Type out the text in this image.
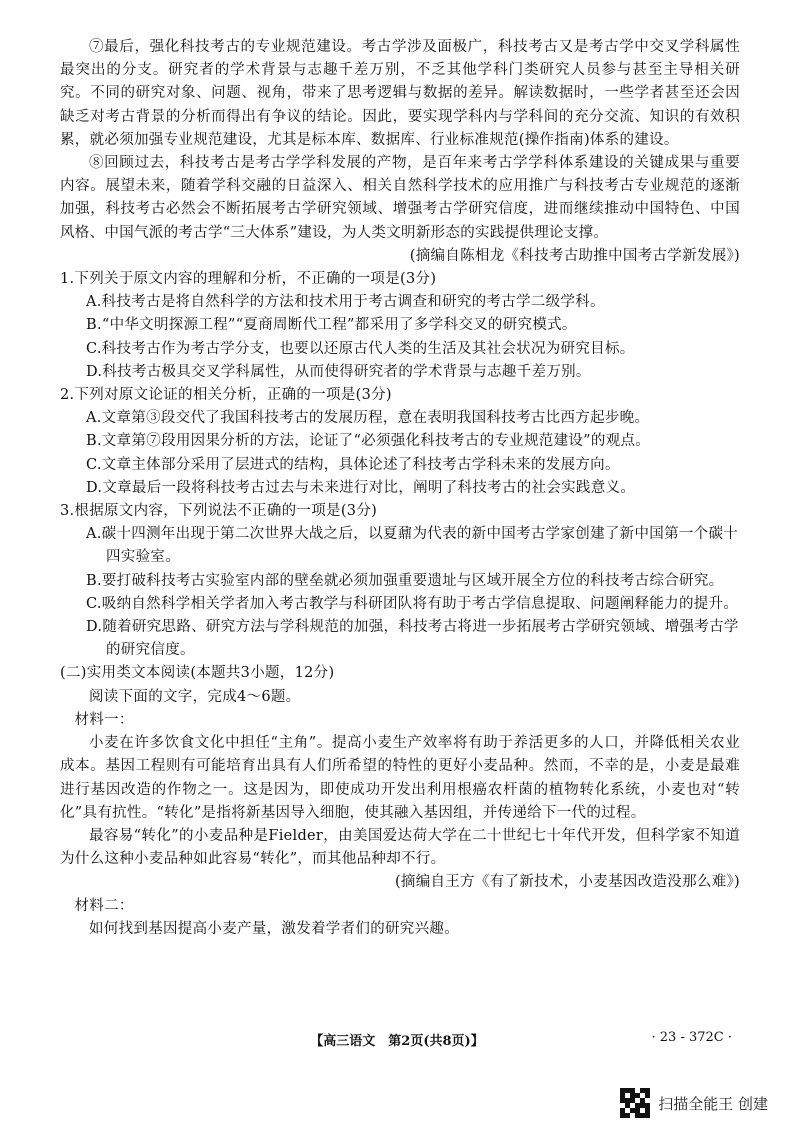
⑦最后，强化科技考古的专业规范建设。考古学涉及面极广，科技考古又是考古学中交叉学科属性最突出的分支。研究者的学术背景与志趣千差万别，不乏其他学科门类研究人员参与甚至主导相关研究。不同的研究对象、问题、视角，带来了思考逻辑与数据的差异。解读数据时，一些学者甚至还会因缺乏对考古背景的分析而得出有争议的结论。因此，要实现学科内与学科间的充分交流、知识的有效积累，就必须加强专业规范建设，尤其是标本库、数据库、行业标准规范(操作指南)体系的建设。

⑧回顾过去，科技考古是考古学学科发展的产物，是百年来考古学学科体系建设的关键成果与重要内容。展望未来，随着学科交融的日益深入、相关自然科学技术的应用推广与科技考古专业规范的逐渐加强，科技考古必然会不断拓展考古学研究领域、增强考古学研究信度，进而继续推动中国特色、中国风格、中国气派的考古学“三大体系”建设，为人类文明新形态的实践提供理论支撑。

(摘编自陈相龙《科技考古助推中国考古学新发展》)

1.下列关于原文内容的理解和分析，不正确的一项是(3分)

A.科技考古是将自然科学的方法和技术用于考古调查和研究的考古学二级学科。

B.“中华文明探源工程”“夏商周断代工程”都采用了多学科交叉的研究模式。

C.科技考古作为考古学分支，也要以还原古代人类的生活及其社会状况为研究目标。

D.科技考古极具交叉学科属性，从而使得研究者的学术背景与志趣千差万别。

2.下列对原文论证的相关分析，正确的一项是(3分)

A.文章第③段交代了我国科技考古的发展历程，意在表明我国科技考古比西方起步晚。

B.文章第⑦段用因果分析的方法，论证了“必须强化科技考古的专业规范建设”的观点。

C.文章主体部分采用了层进式的结构，具体论述了科技考古学科未来的发展方向。

D.文章最后一段将科技考古过去与未来进行对比，阐明了科技考古的社会实践意义。

3.根据原文内容，下列说法不正确的一项是(3分)

A.碳十四测年出现于第二次世界大战之后，以夏鼐为代表的新中国考古学家创建了新中国第一个碳十四实验室。

B.要打破科技考古实验室内部的壁垒就必须加强重要遗址与区域开展全方位的科技考古综合研究。

C.吸纳自然科学相关学者加入考古教学与科研团队将有助于考古学信息提取、问题阐释能力的提升。

D.随着研究思路、研究方法与学科规范的加强，科技考古将进一步拓展考古学研究领域、增强考古学的研究信度。

(二)实用类文本阅读(本题共3小题，12分)

阅读下面的文字，完成4～6题。

材料一：

小麦在许多饮食文化中担任“主角”。提高小麦生产效率将有助于养活更多的人口，并降低相关农业成本。基因工程则有可能培育出具有人们所希望的特性的更好小麦品种。然而，不幸的是，小麦是最难进行基因改造的作物之一。这是因为，即使成功开发出利用根癌农杆菌的植物转化系统，小麦也对“转化”具有抗性。“转化”是指将新基因导入细胞，使其融入基因组，并传递给下一代的过程。

最容易“转化”的小麦品种是Fielder，由美国爱达荷大学在二十世纪七十年代开发，但科学家不知道为什么这种小麦品种如此容易“转化”，而其他品种却不行。

(摘编自王方《有了新技术，小麦基因改造没那么难》)

材料二：

如何找到基因提高小麦产量，激发着学者们的研究兴趣。

【高三语文　第2页(共8页)】	· 23 - 372C ·
扫描全能王 创建
